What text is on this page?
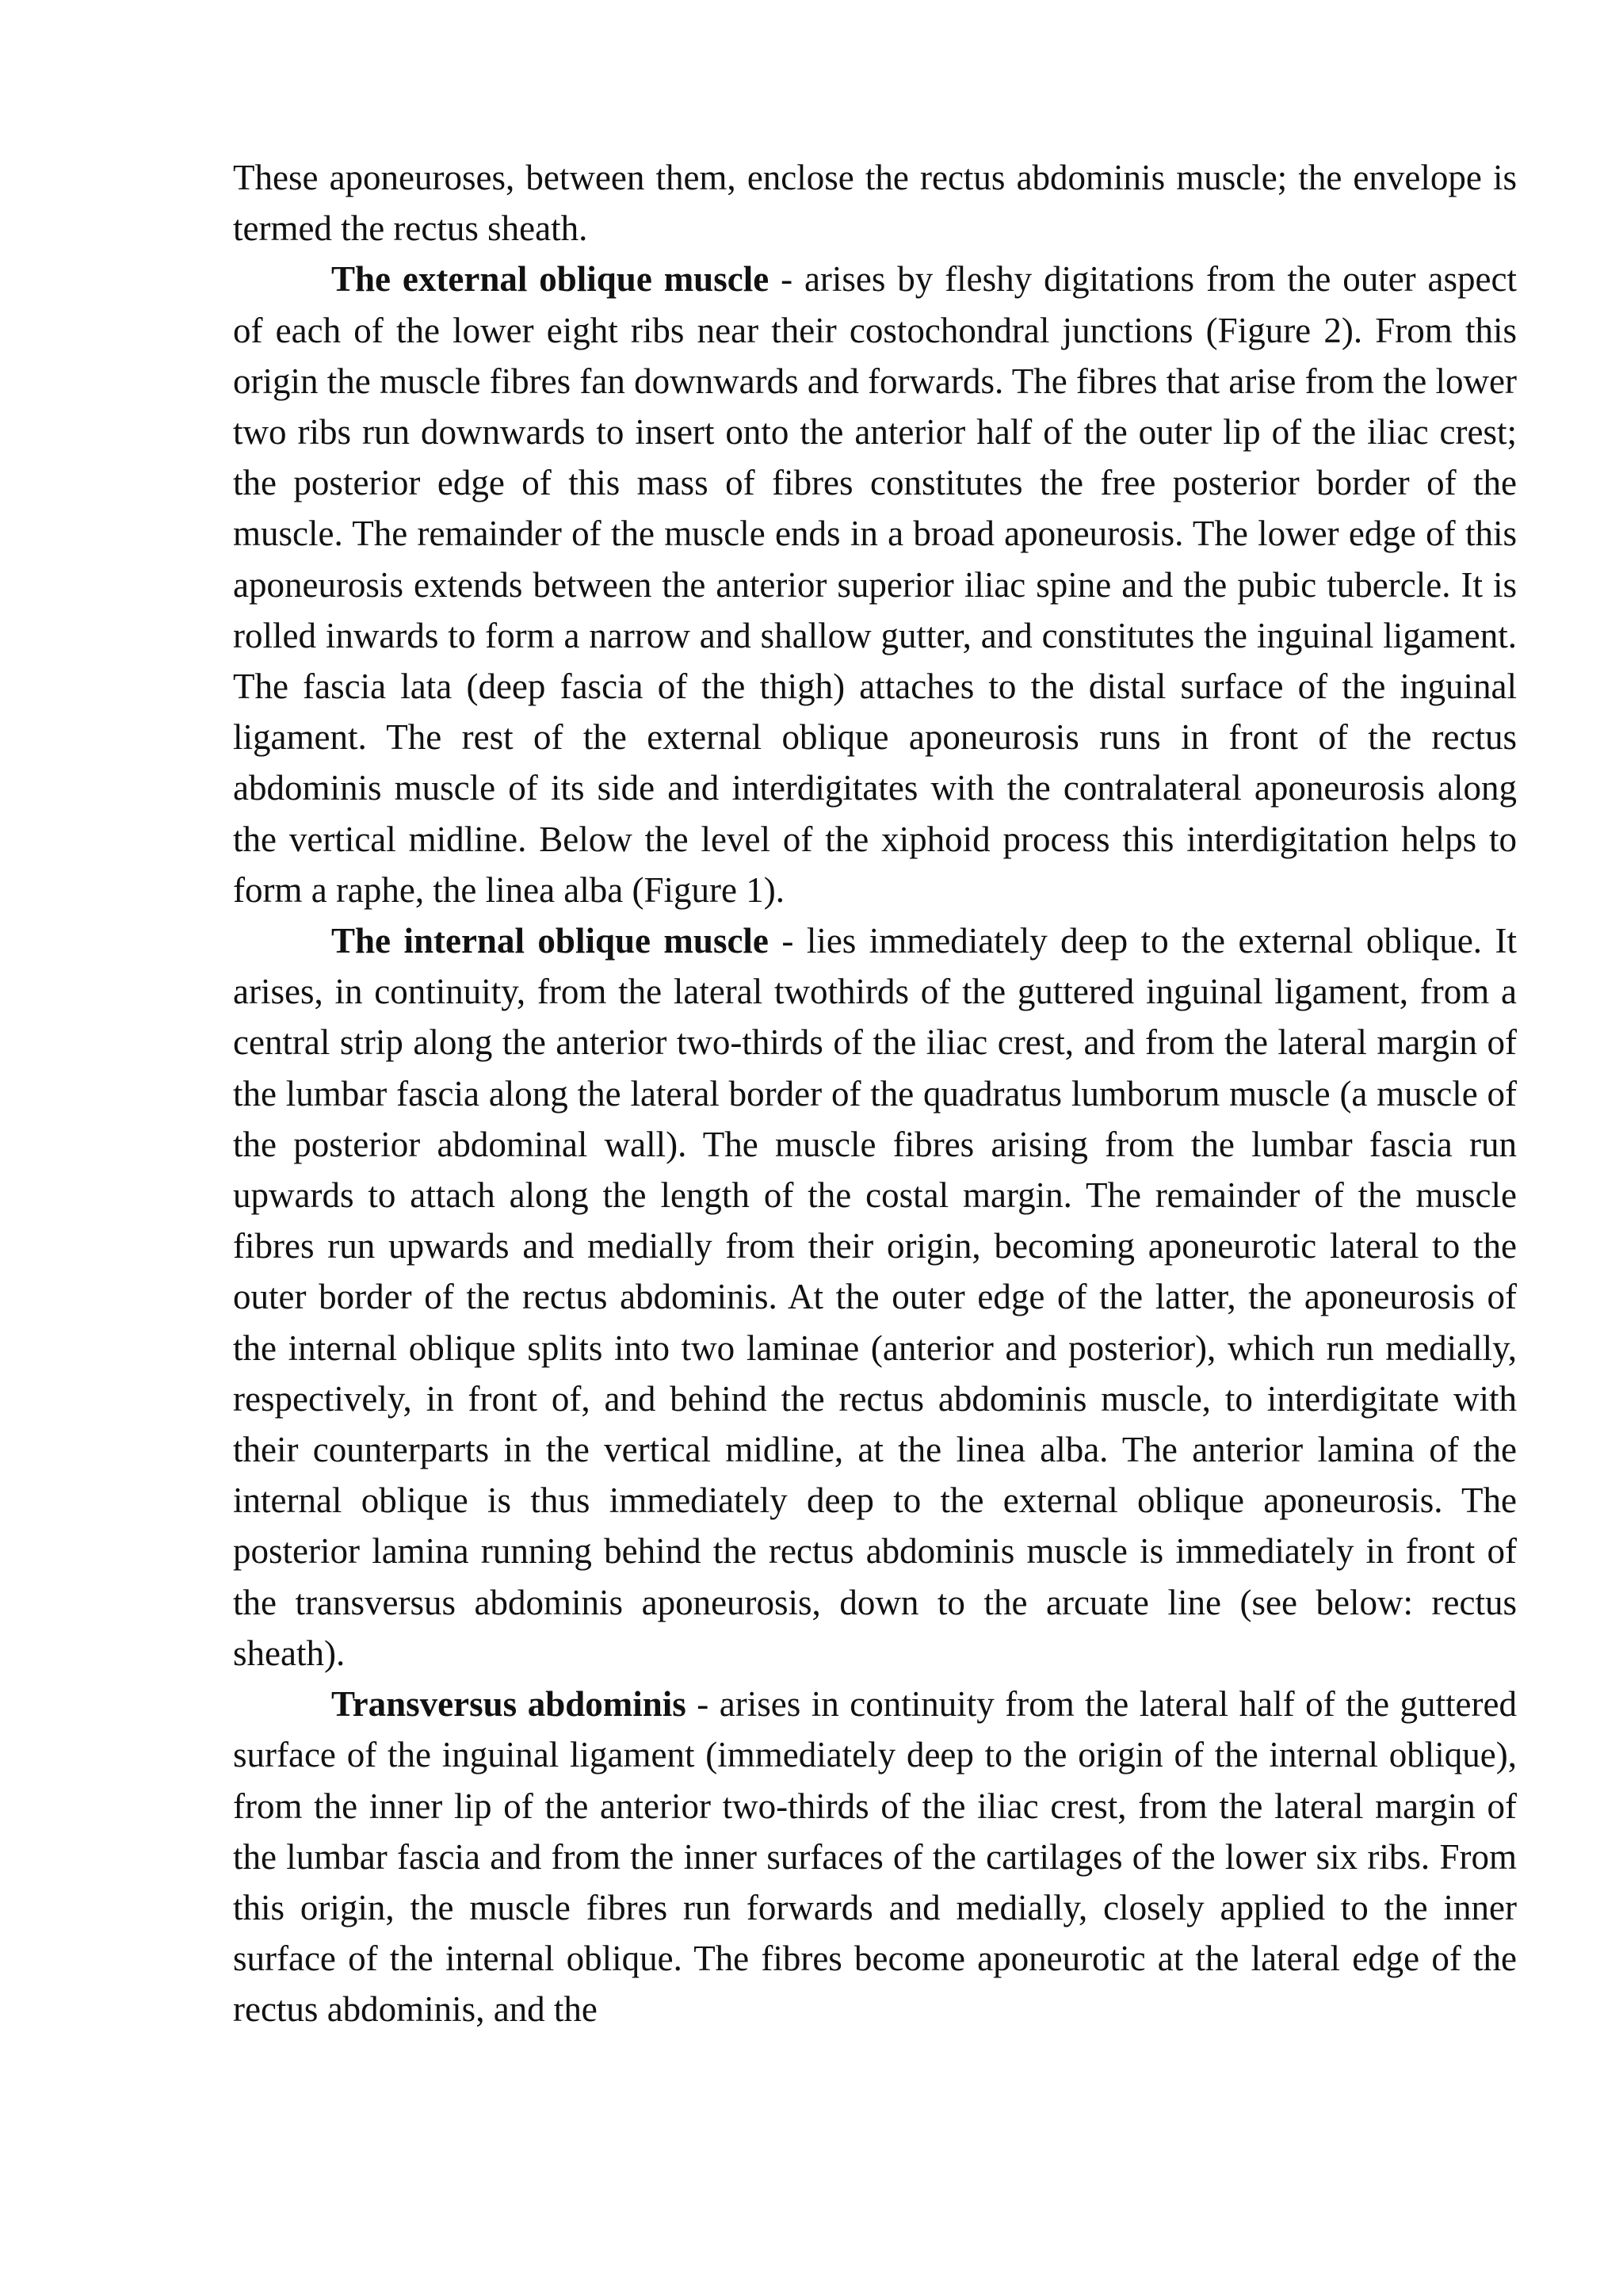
These aponeuroses, between them, enclose the rectus abdominis muscle; the envelope is termed the rectus sheath.

The external oblique muscle - arises by fleshy digitations from the outer aspect of each of the lower eight ribs near their costochondral junctions (Figure 2). From this origin the muscle fibres fan downwards and forwards. The fibres that arise from the lower two ribs run downwards to insert onto the anterior half of the outer lip of the iliac crest; the posterior edge of this mass of fibres constitutes the free posterior border of the muscle. The remainder of the muscle ends in a broad aponeurosis. The lower edge of this aponeurosis extends between the anterior superior iliac spine and the pubic tubercle. It is rolled inwards to form a narrow and shallow gutter, and constitutes the inguinal ligament. The fascia lata (deep fascia of the thigh) attaches to the distal surface of the inguinal ligament. The rest of the external oblique aponeurosis runs in front of the rectus abdominis muscle of its side and interdigitates with the contralateral aponeurosis along the vertical midline. Below the level of the xiphoid process this interdigitation helps to form a raphe, the linea alba (Figure 1).

The internal oblique muscle - lies immediately deep to the external oblique. It arises, in continuity, from the lateral twothirds of the guttered inguinal ligament, from a central strip along the anterior two-thirds of the iliac crest, and from the lateral margin of the lumbar fascia along the lateral border of the quadratus lumborum muscle (a muscle of the posterior abdominal wall). The muscle fibres arising from the lumbar fascia run upwards to attach along the length of the costal margin. The remainder of the muscle fibres run upwards and medially from their origin, becoming aponeurotic lateral to the outer border of the rectus abdominis. At the outer edge of the latter, the aponeurosis of the internal oblique splits into two laminae (anterior and posterior), which run medially, respectively, in front of, and behind the rectus abdominis muscle, to interdigitate with their counterparts in the vertical midline, at the linea alba. The anterior lamina of the internal oblique is thus immediately deep to the external oblique aponeurosis. The posterior lamina running behind the rectus abdominis muscle is immediately in front of the transversus abdominis aponeurosis, down to the arcuate line (see below: rectus sheath).

Transversus abdominis - arises in continuity from the lateral half of the guttered surface of the inguinal ligament (immediately deep to the origin of the internal oblique), from the inner lip of the anterior two-thirds of the iliac crest, from the lateral margin of the lumbar fascia and from the inner surfaces of the cartilages of the lower six ribs. From this origin, the muscle fibres run forwards and medially, closely applied to the inner surface of the internal oblique. The fibres become aponeurotic at the lateral edge of the rectus abdominis, and the
